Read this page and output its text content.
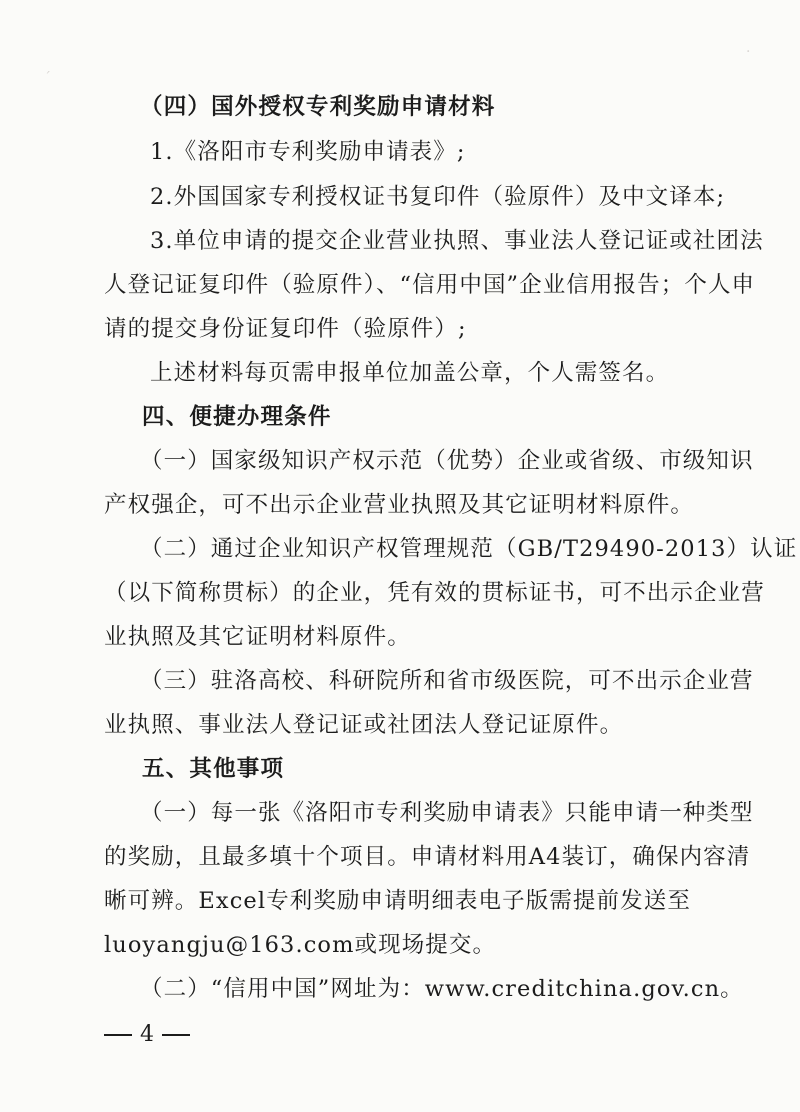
·
ˊ

（四）国外授权专利奖励申请材料

1.《洛阳市专利奖励申请表》;

2.外国国家专利授权证书复印件（验原件）及中文译本;

3.单位申请的提交企业营业执照、事业法人登记证或社团法

人登记证复印件（验原件）、“信用中国”企业信用报告；个人申

请的提交身份证复印件（验原件）;

上述材料每页需申报单位加盖公章，个人需签名。

四、便捷办理条件

（一）国家级知识产权示范（优势）企业或省级、市级知识

产权强企，可不出示企业营业执照及其它证明材料原件。

（二）通过企业知识产权管理规范（GB/T29490-2013）认证

（以下简称贯标）的企业，凭有效的贯标证书，可不出示企业营

业执照及其它证明材料原件。

（三）驻洛高校、科研院所和省市级医院，可不出示企业营

业执照、事业法人登记证或社团法人登记证原件。

五、其他事项

（一）每一张《洛阳市专利奖励申请表》只能申请一种类型

的奖励，且最多填十个项目。申请材料用A4装订，确保内容清

晰可辨。Excel专利奖励申请明细表电子版需提前发送至

luoyangju@163.com或现场提交。

（二）“信用中国”网址为：www.creditchina.gov.cn。

4
